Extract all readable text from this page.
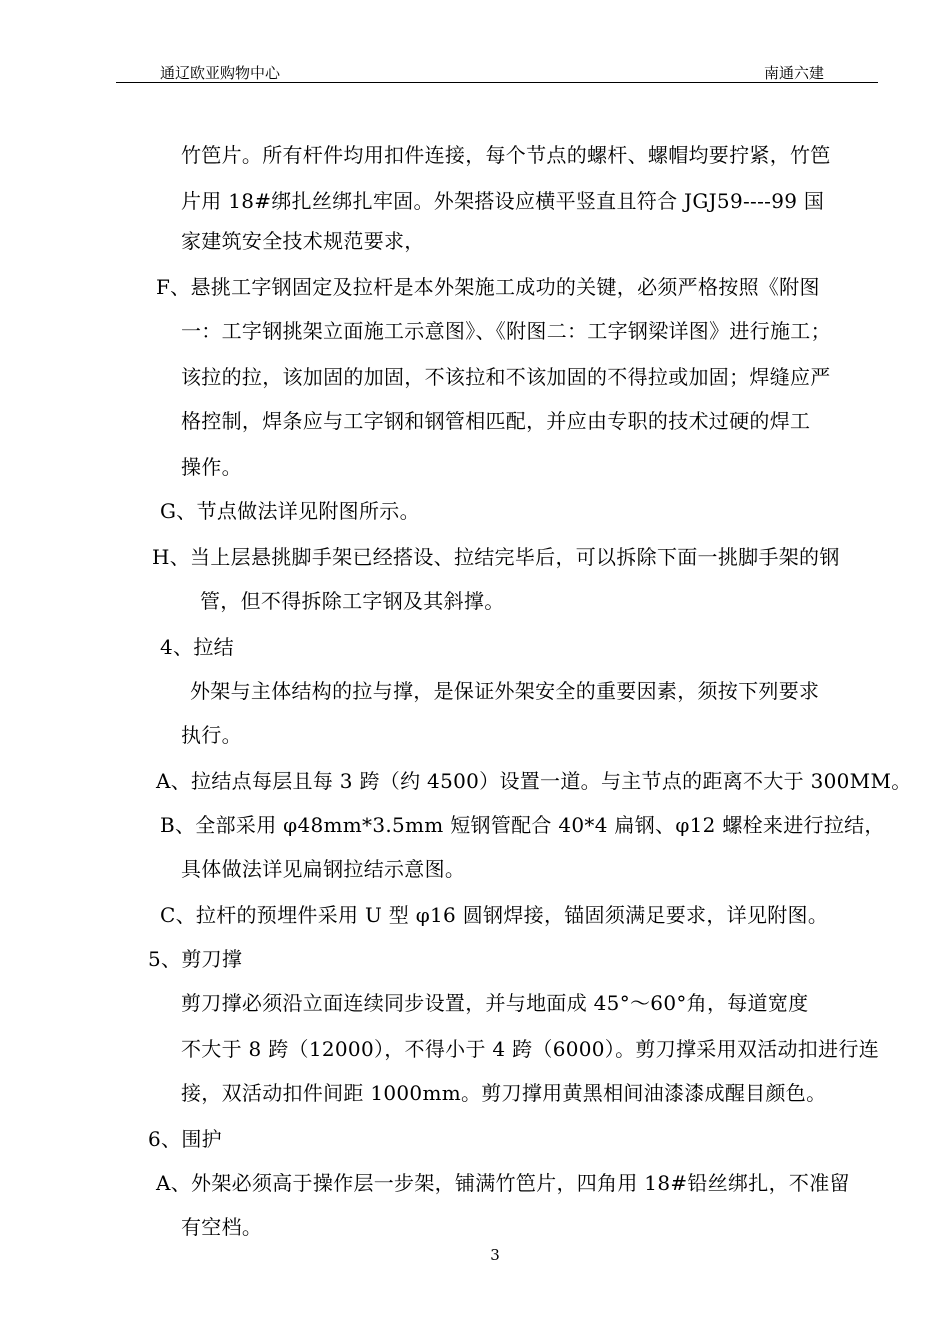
通辽欧亚购物中心	南通六建
竹笆片。所有杆件均用扣件连接，每个节点的螺杆、螺帽均要拧紧，竹笆
片用 18#绑扎丝绑扎牢固。外架搭设应横平竖直且符合 JGJ59----99 国
家建筑安全技术规范要求，
F、悬挑工字钢固定及拉杆是本外架施工成功的关键，必须严格按照《附图
一：工字钢挑架立面施工示意图》、《附图二：工字钢梁详图》进行施工；
该拉的拉，该加固的加固，不该拉和不该加固的不得拉或加固；焊缝应严
格控制，焊条应与工字钢和钢管相匹配，并应由专职的技术过硬的焊工
操作。
G、节点做法详见附图所示。
H、当上层悬挑脚手架已经搭设、拉结完毕后，可以拆除下面一挑脚手架的钢
管，但不得拆除工字钢及其斜撑。
4、拉结
外架与主体结构的拉与撑，是保证外架安全的重要因素，须按下列要求
执行。
A、拉结点每层且每 3 跨（约 4500）设置一道。与主节点的距离不大于 300MM。
B、全部采用 φ48mm*3.5mm 短钢管配合 40*4 扁钢、φ12 螺栓来进行拉结，
具体做法详见扁钢拉结示意图。
C、拉杆的预埋件采用 U 型 φ16 圆钢焊接，锚固须满足要求，详见附图。
5、剪刀撑
剪刀撑必须沿立面连续同步设置，并与地面成 45°～60°角，每道宽度
不大于 8 跨（12000），不得小于 4 跨（6000）。剪刀撑采用双活动扣进行连
接，双活动扣件间距 1000mm。剪刀撑用黄黑相间油漆漆成醒目颜色。
6、围护
A、外架必须高于操作层一步架，铺满竹笆片，四角用 18#铅丝绑扎，不准留
有空档。
3
